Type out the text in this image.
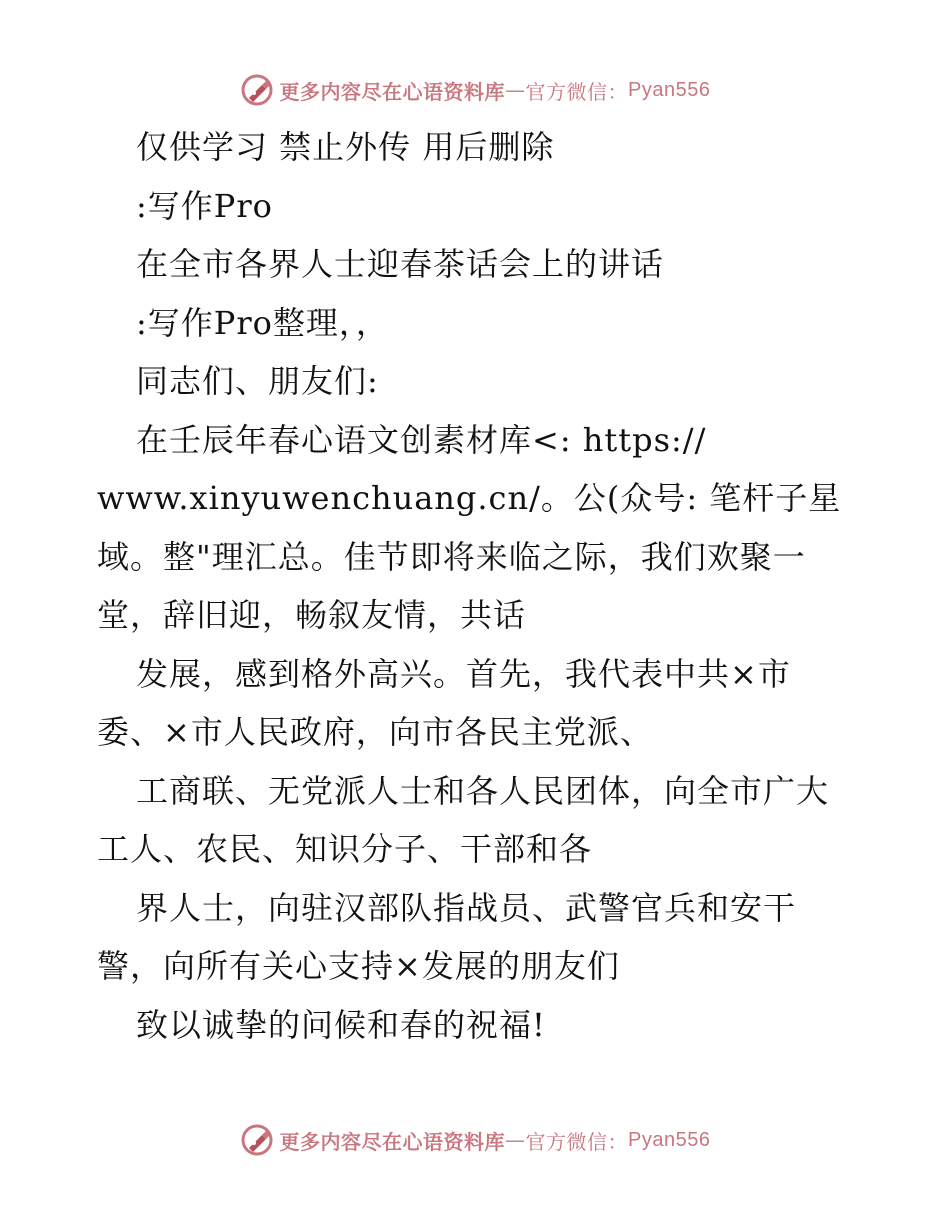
更多内容尽在心语资料库 — 官方微信： Pyan556
仅供学习 禁止外传 用后删除
:写作Pro
在全市各界人士迎春茶话会上的讲话
:写作Pro整理，，
同志们、朋友们:
在壬辰年春心语文创素材库<: https://
www.xinyuwenchuang.cn/。公(众号: 笔杆子星
域。整"理汇总。佳节即将来临之际，我们欢聚一
堂，辞旧迎，畅叙友情，共话
发展，感到格外高兴。首先，我代表中共×市
委、×市人民政府，向市各民主党派、
工商联、无党派人士和各人民团体，向全市广大
工人、农民、知识分子、干部和各
界人士，向驻汉部队指战员、武警官兵和安干
警，向所有关心支持×发展的朋友们
致以诚挚的问候和春的祝福!
更多内容尽在心语资料库 — 官方微信： Pyan556
